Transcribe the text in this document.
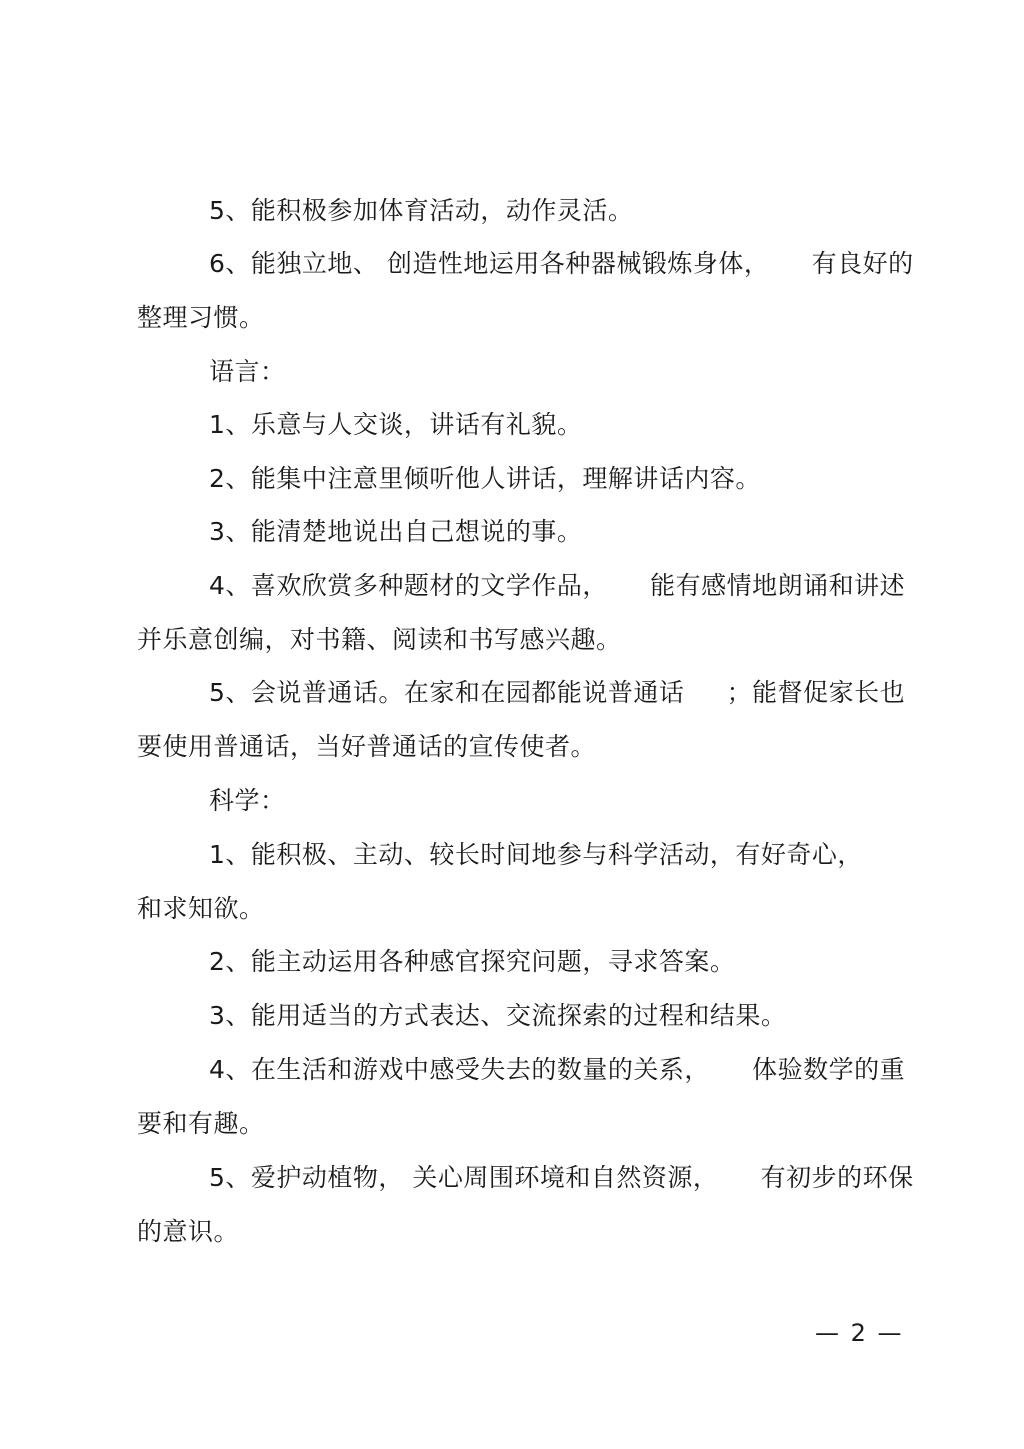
5、能积极参加体育活动，动作灵活。
6、能独立地、 创造性地运用各种器械锻炼身体，     有良好的
整理习惯。
语言：
1、乐意与人交谈，讲话有礼貌。
2、能集中注意里倾听他人讲话，理解讲话内容。
3、能清楚地说出自己想说的事。
4、喜欢欣赏多种题材的文学作品，     能有感情地朗诵和讲述
并乐意创编，对书籍、阅读和书写感兴趣。
5、会说普通话。在家和在园都能说普通话     ；能督促家长也
要使用普通话，当好普通话的宣传使者。
科学：
1、能积极、主动、较长时间地参与科学活动，有好奇心，
和求知欲。
2、能主动运用各种感官探究问题，寻求答案。
3、能用适当的方式表达、交流探索的过程和结果。
4、在生活和游戏中感受失去的数量的关系，     体验数学的重
要和有趣。
5、爱护动植物， 关心周围环境和自然资源，     有初步的环保
的意识。
— 2 —
